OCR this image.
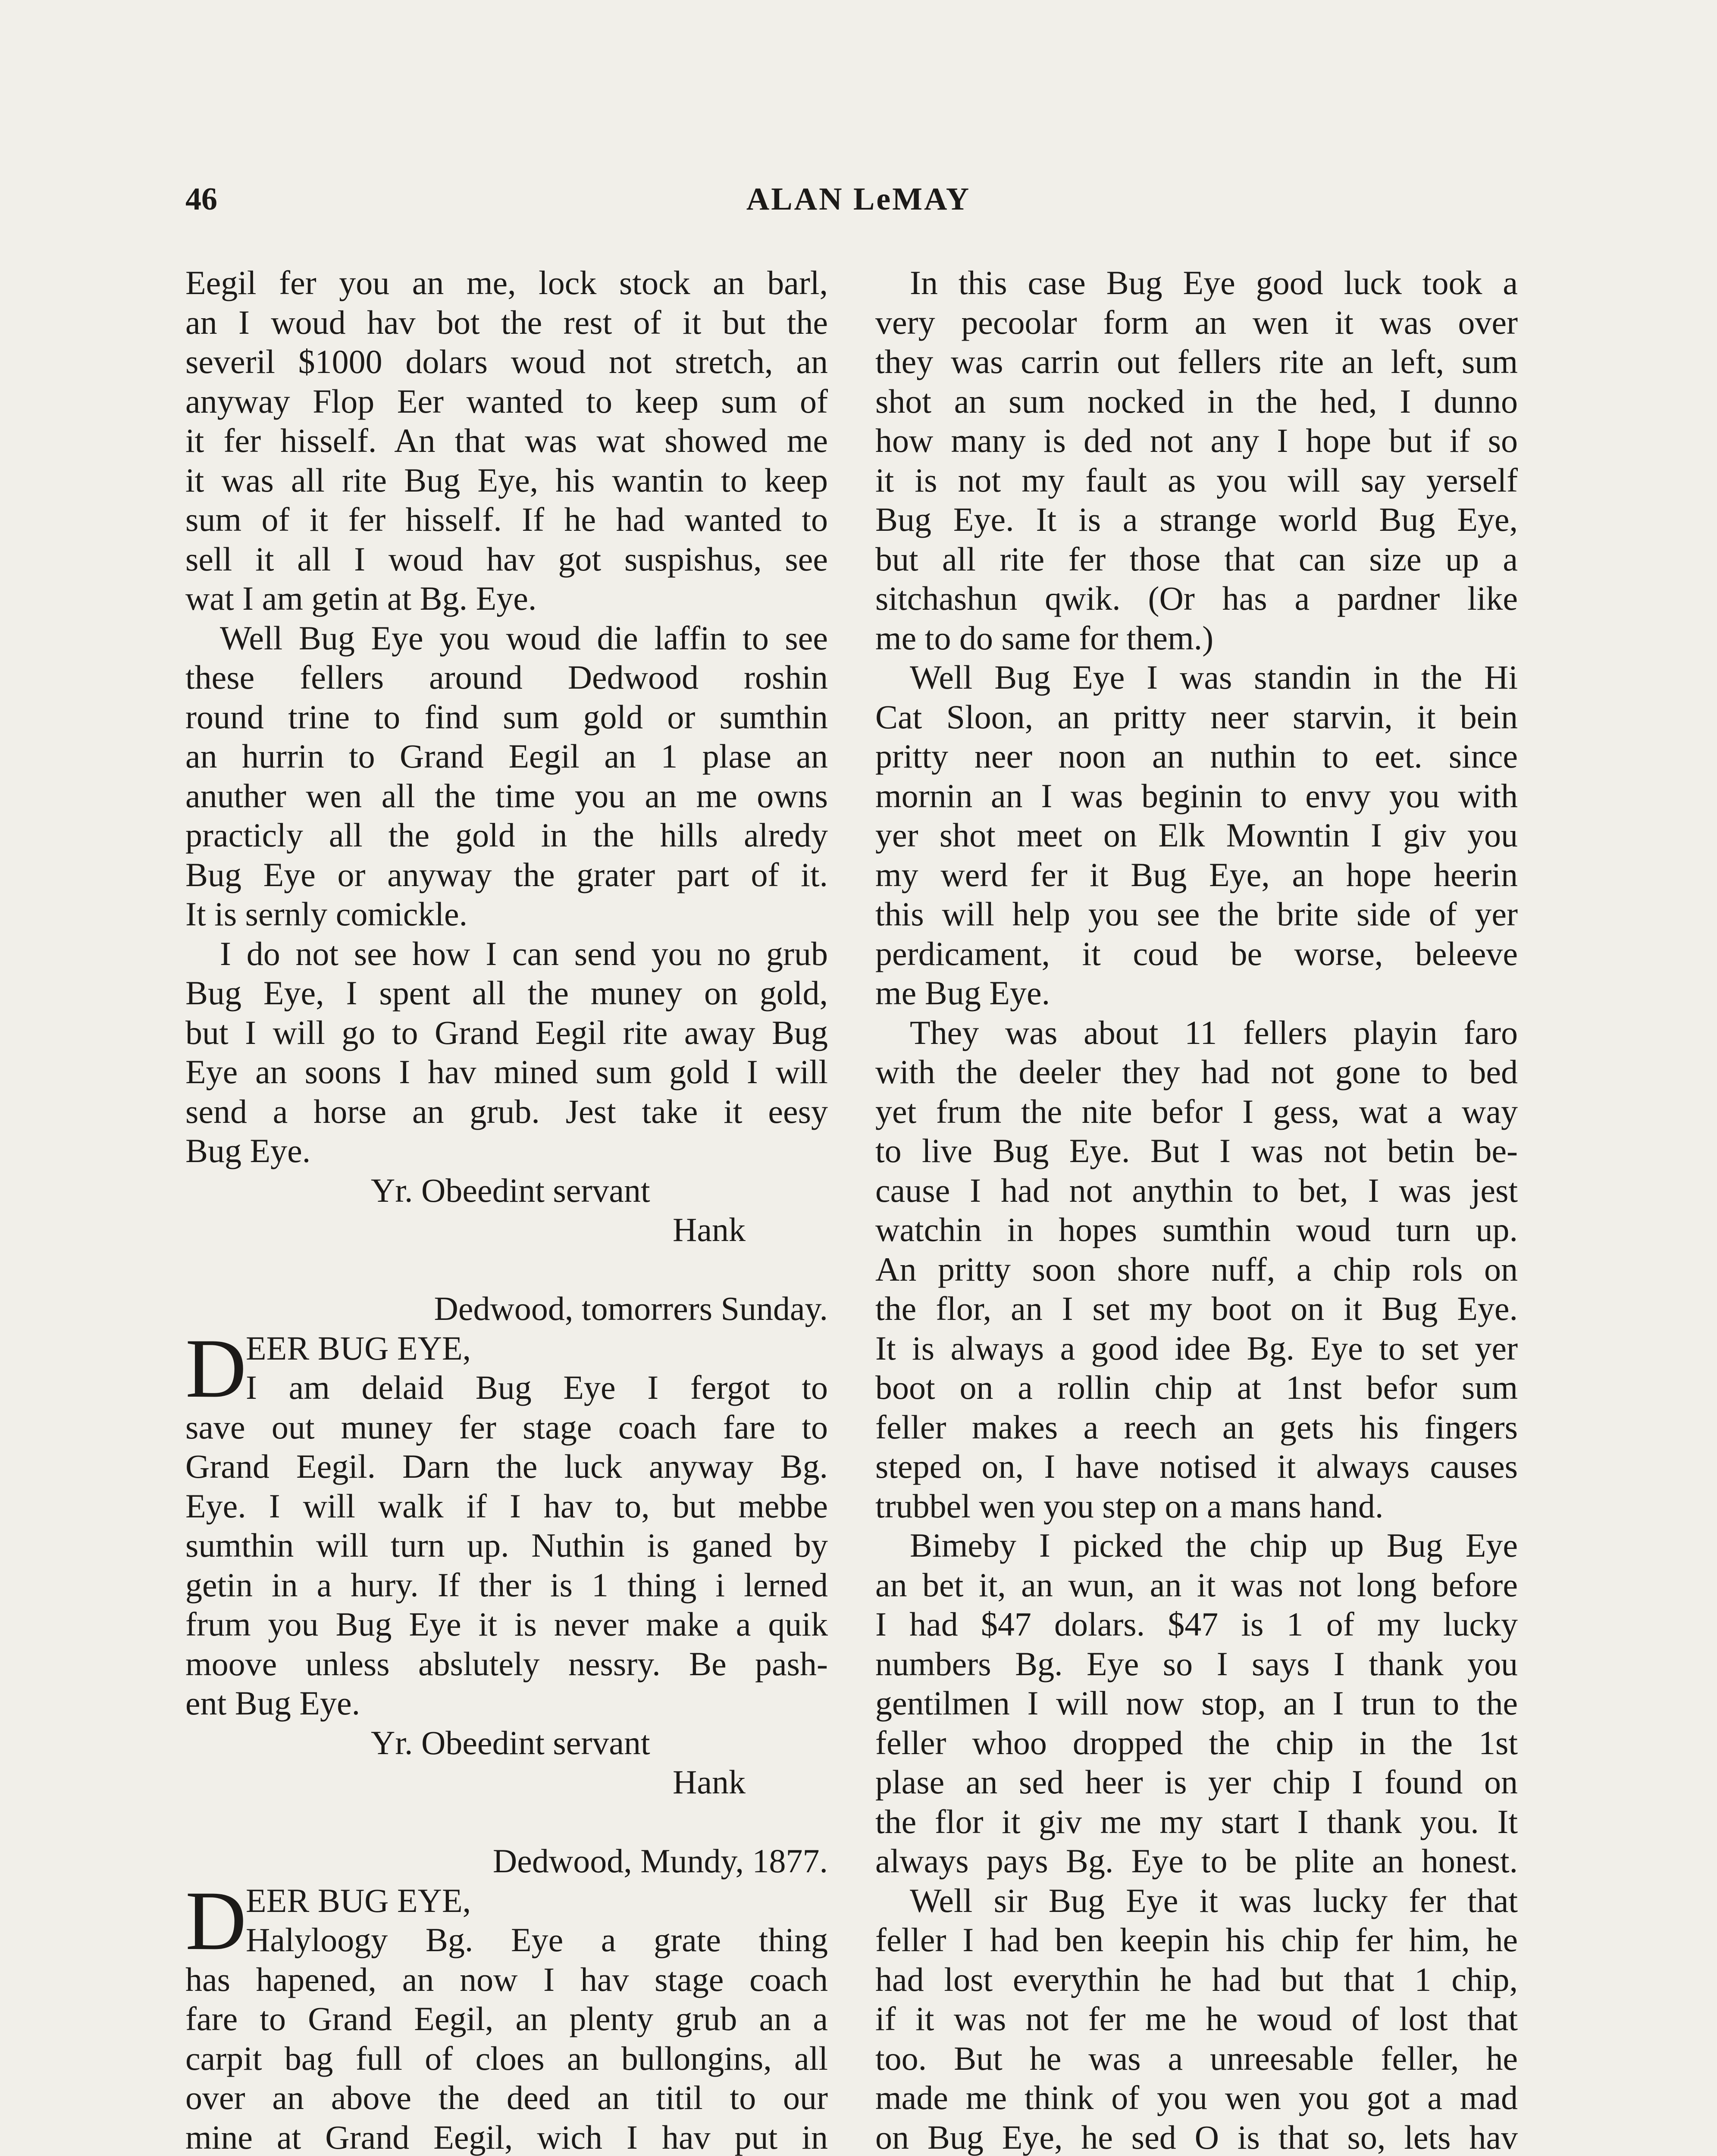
46	ALAN LeMAY
Eegil fer you an me, lock stock an barl,
an I woud hav bot the rest of it but the
severil $1000 dolars woud not stretch, an
anyway Flop Eer wanted to keep sum of
it fer hisself. An that was wat showed me
it was all rite Bug Eye, his wantin to keep
sum of it fer hisself. If he had wanted to
sell it all I woud hav got suspishus, see
wat I am getin at Bg. Eye.
Well Bug Eye you woud die laffin to see
these fellers around Dedwood roshin
round trine to find sum gold or sumthin
an hurrin to Grand Eegil an 1 plase an
anuther wen all the time you an me owns
practicly all the gold in the hills alredy
Bug Eye or anyway the grater part of it.
It is sernly comickle.
I do not see how I can send you no grub
Bug Eye, I spent all the muney on gold,
but I will go to Grand Eegil rite away Bug
Eye an soons I hav mined sum gold I will
send a horse an grub. Jest take it eesy
Bug Eye.
Yr. Obeedint servant
Hank
Dedwood, tomorrers Sunday.
D
EER BUG EYE,
I am delaid Bug Eye I fergot to
save out muney fer stage coach fare to
Grand Eegil. Darn the luck anyway Bg.
Eye. I will walk if I hav to, but mebbe
sumthin will turn up. Nuthin is ganed by
getin in a hury. If ther is 1 thing i lerned
frum you Bug Eye it is never make a quik
moove unless abslutely nessry. Be pash-
ent Bug Eye.
Yr. Obeedint servant
Hank
Dedwood, Mundy, 1877.
D
EER BUG EYE,
Halyloogy Bg. Eye a grate thing
has hapened, an now I hav stage coach
fare to Grand Eegil, an plenty grub an a
carpit bag full of cloes an bullongins, all
over an above the deed an titil to our
mine at Grand Eegil, wich I hav put in
In this case Bug Eye good luck took a
very pecoolar form an wen it was over
they was carrin out fellers rite an left, sum
shot an sum nocked in the hed, I dunno
how many is ded not any I hope but if so
it is not my fault as you will say yerself
Bug Eye. It is a strange world Bug Eye,
but all rite fer those that can size up a
sitchashun qwik. (Or has a pardner like
me to do same for them.)
Well Bug Eye I was standin in the Hi
Cat Sloon, an pritty neer starvin, it bein
pritty neer noon an nuthin to eet. since
mornin an I was beginin to envy you with
yer shot meet on Elk Mowntin I giv you
my werd fer it Bug Eye, an hope heerin
this will help you see the brite side of yer
perdicament, it coud be worse, beleeve
me Bug Eye.
They was about 11 fellers playin faro
with the deeler they had not gone to bed
yet frum the nite befor I gess, wat a way
to live Bug Eye. But I was not betin be-
cause I had not anythin to bet, I was jest
watchin in hopes sumthin woud turn up.
An pritty soon shore nuff, a chip rols on
the flor, an I set my boot on it Bug Eye.
It is always a good idee Bg. Eye to set yer
boot on a rollin chip at 1nst befor sum
feller makes a reech an gets his fingers
steped on, I have notised it always causes
trubbel wen you step on a mans hand.
Bimeby I picked the chip up Bug Eye
an bet it, an wun, an it was not long before
I had $47 dolars. $47 is 1 of my lucky
numbers Bg. Eye so I says I thank you
gentilmen I will now stop, an I trun to the
feller whoo dropped the chip in the 1st
plase an sed heer is yer chip I found on
the flor it giv me my start I thank you. It
always pays Bg. Eye to be plite an honest.
Well sir Bug Eye it was lucky fer that
feller I had ben keepin his chip fer him, he
had lost everythin he had but that 1 chip,
if it was not fer me he woud of lost that
too. But he was a unreesable feller, he
made me think of you wen you got a mad
on Bug Eye, he sed O is that so, lets hav
